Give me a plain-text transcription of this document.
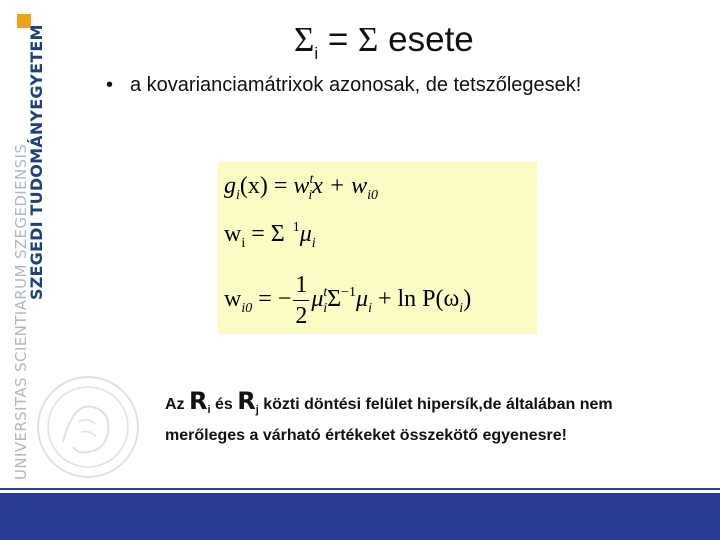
SZEGEDI TUDOMÁNYEGYETEM
UNIVERSITAS SCIENTIARUM SZEGEDIENSIS
$\Sigma_i = \Sigma$ esete
• a kovarianciamátrixok azonosak, de tetszőlegesek!
$g_i(x) = w^t_ix + w_{i0}$
$w_i = \Sigma$ $^1\mu_i$
$w_{i0}$ = − $\frac{1}{2} \mu^t_i\Sigma^{-1}\mu_i + \ln P(\omega_i)$
Az $R_i$ és $R_j$ közti döntési felület hipersík,de általában nem merőleges a várható értékeket összekötő egyenesre!
